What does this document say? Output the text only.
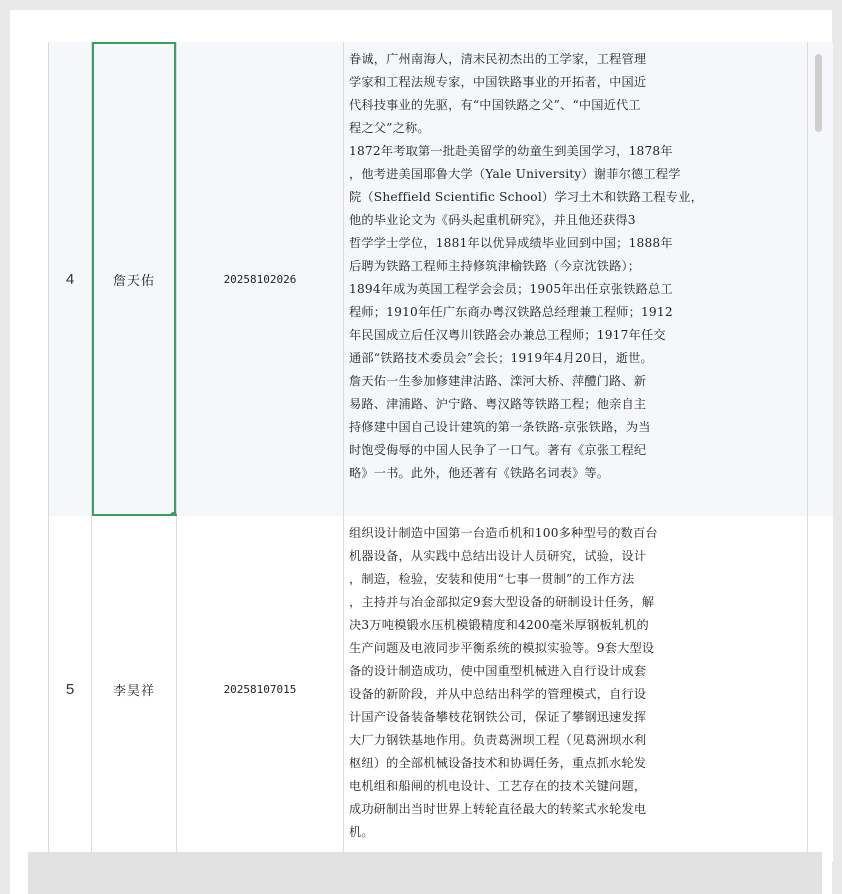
4	詹天佑	20258102026
眷诚，广州南海人，清末民初杰出的工学家，工程管理
学家和工程法规专家，中国铁路事业的开拓者，中国近
代科技事业的先驱，有“中国铁路之父”、“中国近代工
程之父”之称。
1872年考取第一批赴美留学的幼童生到美国学习，1878年
，他考进美国耶鲁大学（Yale University）谢菲尔德工程学
院（Sheffield Scientific School）学习土木和铁路工程专业，
他的毕业论文为《码头起重机研究》，并且他还获得3
哲学学士学位，1881年以优异成绩毕业回到中国；1888年
后聘为铁路工程师主持修筑津榆铁路（今京沈铁路）；
1894年成为英国工程学会会员；1905年出任京张铁路总工
程师；1910年任广东商办粤汉铁路总经理兼工程师；1912
年民国成立后任汉粤川铁路会办兼总工程师；1917年任交
通部“铁路技术委员会”会长；1919年4月20日，逝世。
詹天佑一生参加修建津沽路、滦河大桥、萍醴门路、新
易路、津浦路、沪宁路、粤汉路等铁路工程；他亲自主
持修建中国自己设计建筑的第一条铁路-京张铁路，为当
时饱受侮辱的中国人民争了一口气。著有《京张工程纪
略》一书。此外，他还著有《铁路名词表》等。
5	李昊祥	20258107015
组织设计制造中国第一台造币机和100多种型号的数百台
机器设备，从实践中总结出设计人员研究，试验，设计
，制造，检验，安装和使用“七事一贯制”的工作方法
，主持并与冶金部拟定9套大型设备的研制设计任务，解
决3万吨模锻水压机模锻精度和4200毫米厚钢板轧机的
生产问题及电液同步平衡系统的模拟实验等。9套大型设
备的设计制造成功，使中国重型机械进入自行设计成套
设备的新阶段，并从中总结出科学的管理模式，自行设
计国产设备装备攀枝花钢铁公司，保证了攀钢迅速发挥
大厂力钢铁基地作用。负责葛洲坝工程（见葛洲坝水利
枢纽）的全部机械设备技术和协调任务，重点抓水轮发
电机组和船闸的机电设计、工艺存在的技术关键问题，
成功研制出当时世界上转轮直径最大的转桨式水轮发电
机。
